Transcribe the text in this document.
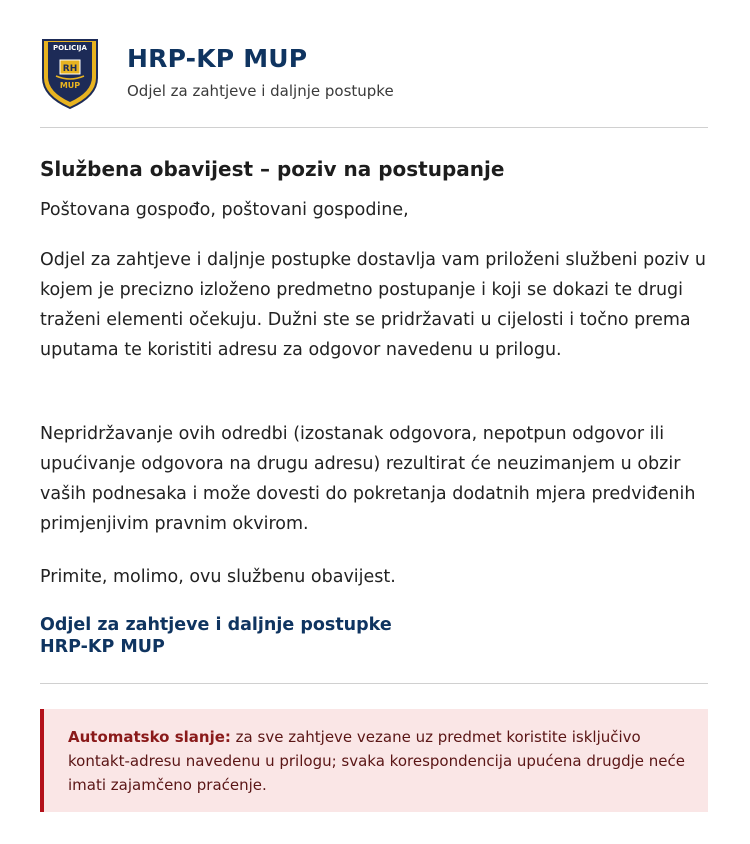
POLICIJA
RH
MUP
HRP-KP MUP
Odjel za zahtjeve i daljnje postupke
Službena obavijest – poziv na postupanje

Poštovana gospođo, poštovani gospodine,

Odjel za zahtjeve i daljnje postupke dostavlja vam priloženi službeni poziv u kojem je precizno izloženo predmetno postupanje i koji se dokazi te drugi traženi elementi očekuju. Dužni ste se pridržavati u cijelosti i točno prema uputama te koristiti adresu za odgovor navedenu u prilogu.

Nepridržavanje ovih odredbi (izostanak odgovora, nepotpun odgovor ili upućivanje odgovora na drugu adresu) rezultirat će neuzimanjem u obzir vaših podnesaka i može dovesti do pokretanja dodatnih mjera predviđenih primjenjivim pravnim okvirom.

Primite, molimo, ovu službenu obavijest.

Odjel za zahtjeve i daljnje postupke
HRP-KP MUP
Automatsko slanje: za sve zahtjeve vezane uz predmet koristite isključivo kontakt-adresu navedenu u prilogu; svaka korespondencija upućena drugdje neće imati zajamčeno praćenje.
